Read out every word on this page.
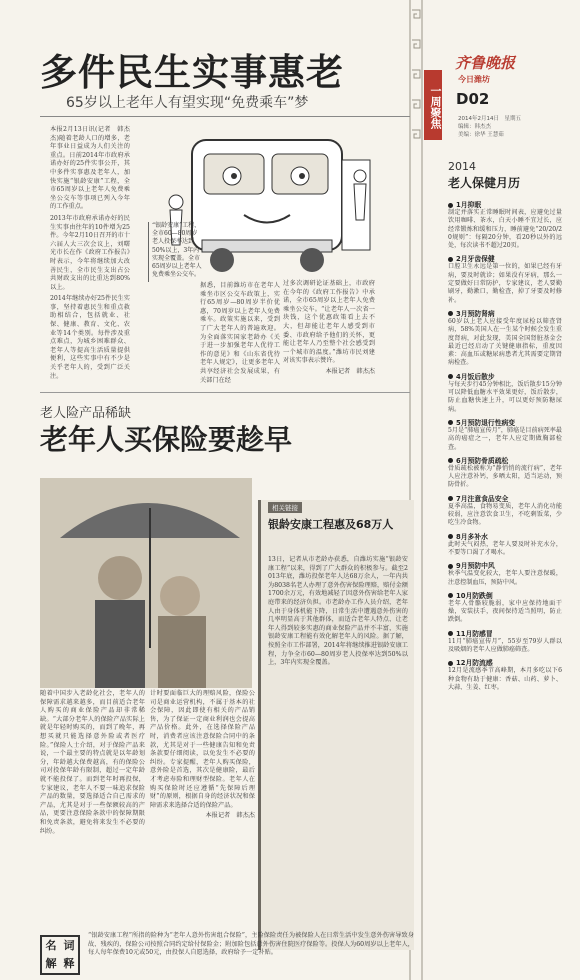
齐鲁晚报
今日潍坊
D02
2014年2月14日　星期五
编辑：韩杰杰
美编：徐华 王慧茹
一周聚焦
多件民生实事惠老
65岁以上老年人有望实现“免费乘车”梦

本报2月13日讯(记者　韩杰杰)随着老龄人口的增多，老年事业日益成为人们关注的重点。日前2014年市政府承诺办好的25件实事公开，其中多件实事惠及老年人，加快实施“银龄安康”工程，全市65周岁以上老年人免费乘坐公交车等事项已列入今年的工作重点。

2013年市政府承诺办好的民生实事由往年的10件增为25件。今年2月10日召开的市十六届人大三次会议上，刘曙光市长在作《政府工作报告》时表示，今年将继续加大改善民生，全市民生支出占公共财政支出的比重达到80%以上。

2014年继续办好25件民生实事，坚持着惠民生和重点救助相结合，包括就业、社保、健康、教育、文化、农业等14个类别。每件涉及重点难点，为城乡困难群众、老年人等提高生活质量提供便利，这些实事中有不少是关乎老年人的，受到广泛关注。

“银龄安康”工程，全市60—80周岁老人投保率达到50%以上，3年内实现全覆盖。全市65周岁以上老年人免费乘坐公交车。
据悉，目前潍坊市在老年人乘坐市区公交车政策上，实行65周岁—80周岁半价优惠，70周岁以上老年人免费乘车。政策实施以来，受到了广大老年人的普遍欢迎。为全面落实国家老龄办《关于进一步加强老年人优待工作的意见》和《山东省优待老年人规定》，让更多老年人共享经济社会发展成果，有关部门在经
过多次调研论证基础上，市政府在今年的《政府工作报告》中承诺，全市65周岁以上老年人免费乘坐公交车。“让老年人一次省一块钱，这个优惠政策看上去不大，但却能让老年人感受到市委、市政府给予他们的关怀，更能让老年人乃至整个社会感受到一个城市的温度。”潍坊市民刘建对该实事表示赞许。
本报记者　韩杰杰
老人险产品稀缺
老年人买保险要趁早
随着中国步入老龄化社会，老年人的保障需求越来越多，而目前适合老年人购买的商业保险产品却非常稀缺。“大部分老年人的保险产品实际上就是年轻时购买的，而到了晚年，再想买就只能选择意外险或者医疗险。”保险人士介绍，对于保险产品来说，一个最主要的特点就是以年龄划分，年龄越大保费越高，有的保险公司对投保年龄有限制，超过一定年龄就不能投保了。而到老年时再投保，专家建议，老年人不要一味追求保险产品的数量，要选择适合自己需求的产品，尤其是对于一些保额较高的产品，更要注意保险条款中的保障期限和免责条款，避免将来发生不必要的纠纷。
计时要面临巨大的理赔风险，保险公司是商业运营机构，不属于基本的社会保障，因此即使有相关的产品销售，为了保证一定商业利润也会提高产品价格。此外，在选择保险产品时，消费者应该注意保险合同中的条款，尤其是对于一些健康告知和免责条款要仔细阅读，以免发生不必要的纠纷。专家提醒，老年人购买保险，意外险是首选，其次是健康险，最后才考虑寿险和理财型保险。老年人在购买保险时还应遵循“先保障后理财”的原则，根据自身的经济状况和保障需求来选择合适的保险产品。
本报记者　韩杰杰
相关链接
银龄安康工程惠及68万人
13日，记者从市老龄办获悉，自潍坊实施“银龄安康工程”以来，得到了广大群众的积极参与。截至2013年底，潍坊投保老年人达68万余人，一年内共为8038名老人办理了意外伤害保险理赔，赔付金额1700余万元，有效地减轻了因意外伤害给老年人家庭带来的经济负担。市老龄办工作人员介绍，老年人由于身体机能下降，日常生活中遭遇意外伤害的几率明显高于其他群体，而适合老年人特点、让老年人得到较多实惠的商业保险产品并不丰富，实施银龄安康工程能有效化解老年人的风险。据了解，按照全市工作部署，2014年将继续推进银龄安康工程，力争全市60—80周岁老人投保率达到50%以上，3年内实现全覆盖。
2014
老人保健月历
1月抑眠
制定并落实正常睡眠时间表，应避免过量饮用咖啡、茶水，白天小睡不宜过长，应经常锻炼和缓和压力，睡前避免“20/20/20规则”：每隔20分钟，看20秒以外的远处，每次读书不超过20页。
2月牙齿保健
口腔卫生永远是第一位的，如果已经有牙病，要及时就诊；如果没有牙病，那么一定要做好日常防护，专家建议，老人要勤刷牙，勤漱口，勤检查，掉了牙要及时修补。
3月预防肾病
60岁以上老人应接受年度尿检以筛查肾病，58%美国人在一生某个时候会发生重度肾病，对此发现，美国全国肾脏基金会最近已经启动了关键健康指标，重度因素：高血压或糖尿病患者尤其需要定期肾病检查。
4月饭后散步
与每天步行45分钟相比，饭后散步15分钟可以降低血糖水平效果更好，饭后散步，防止血糖快速上升，可以更好预防糖尿病。
5月预防退行性病变
5月是“肺癌宣传月”，肺癌是目前病死率最高的癌症之一，老年人应定期做胸部检查。
6月预防骨质疏松
骨质疏松被称为“静悄悄的流行病”，老年人应注意补钙，多晒太阳，适当运动，预防骨折。
7月注意食品安全
夏季高温，食物易变质，老年人消化功能较弱，应注意饮食卫生，不吃剩饭菜，少吃生冷食物。
8月多补水
此时天气闷热，老年人要及时补充水分，不要等口渴了才喝水。
9月预防中风
秋季气温变化较大，老年人要注意保暖，注意控制血压，预防中风。
10月防跌倒
老年人骨骼较脆弱，家中应保持地面干燥，安装扶手，夜间保持适当照明，防止跌倒。
11月防感冒
11月“肺癌宣传月”，55岁至79岁人群以及吸烟的老年人应做肺癌筛查。
12月防流感
12月是流感季节高峰期，本月多吃以下6种食物有助于健康：香菇、山药、萝卜、大蒜、生姜、红枣。
名 词
解 释
“银龄安康工程”所指的险种为“老年人意外伤害组合保险”，主险保险责任为被保险人在日常生活中发生意外伤害导致身故、残疾的，保险公司按照合同约定给付保险金；附加险包括意外伤害住院医疗保险等。投保人为60周岁以上老年人，每人每年保费10元或50元，由投保人自愿选择，政府给予一定补贴。
